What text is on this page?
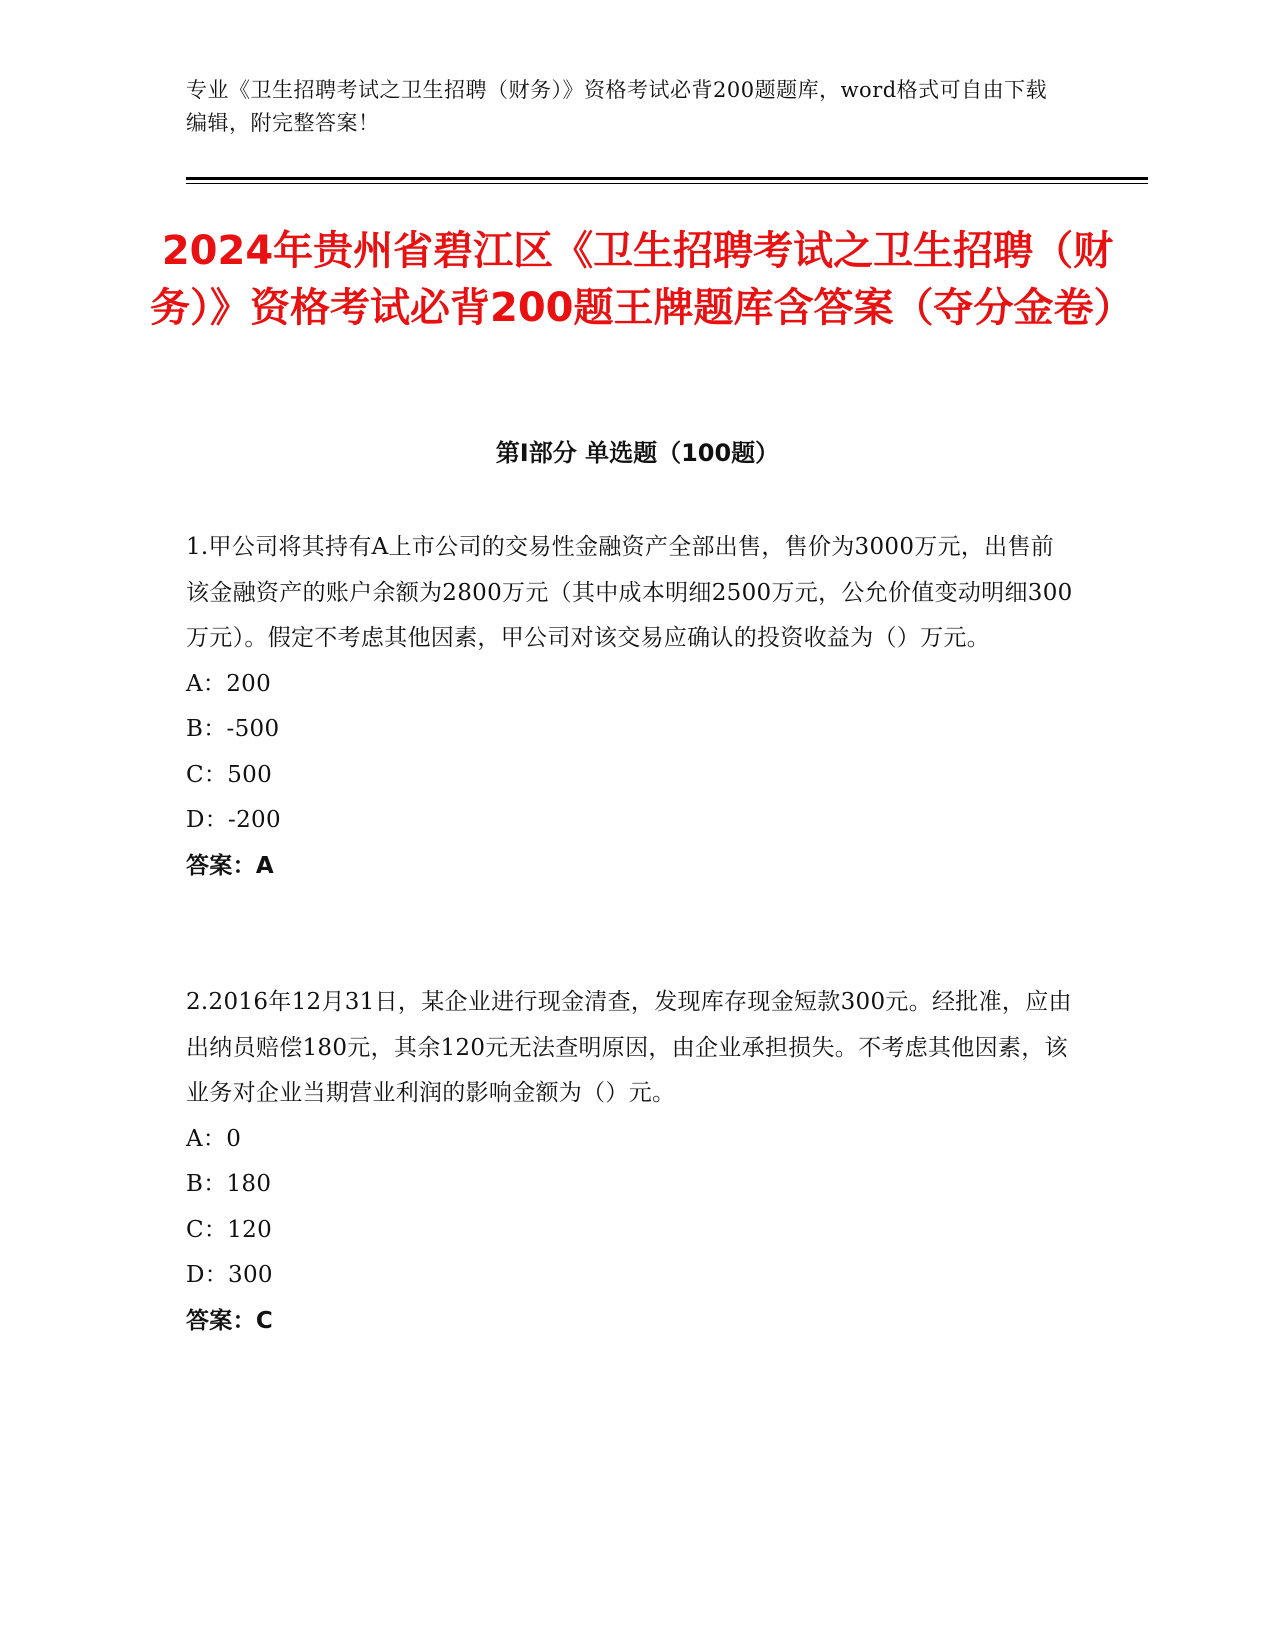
专业《卫生招聘考试之卫生招聘（财务）》资格考试必背200题题库，word格式可自由下载编辑，附完整答案！
2024年贵州省碧江区《卫生招聘考试之卫生招聘（财务）》资格考试必背200题王牌题库含答案（夺分金卷）
第Ⅰ部分 单选题（100题）

1.甲公司将其持有A上市公司的交易性金融资产全部出售，售价为3000万元，出售前该金融资产的账户余额为2800万元（其中成本明细2500万元，公允价值变动明细300万元）。假定不考虑其他因素，甲公司对该交易应确认的投资收益为（）万元。

A：200

B：-500

C：500

D：-200

答案：A

2.2016年12月31日，某企业进行现金清查，发现库存现金短款300元。经批准，应由出纳员赔偿180元，其余120元无法查明原因，由企业承担损失。不考虑其他因素，该业务对企业当期营业利润的影响金额为（）元。

A：0

B：180

C：120

D：300

答案：C
